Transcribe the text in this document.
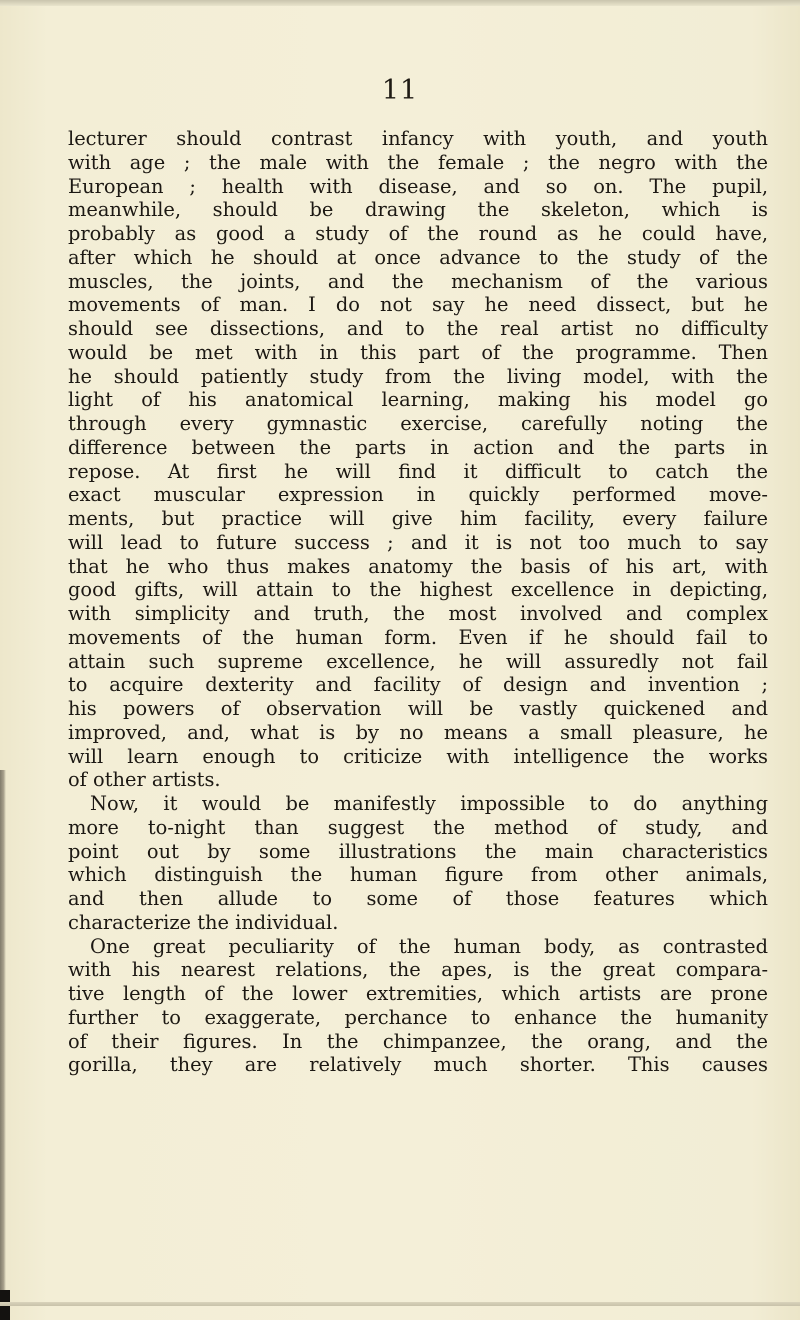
11
lecturer should contrast infancy with youth, and youth
with age ; the male with the female ; the negro with the
European ; health with disease, and so on. The pupil,
meanwhile, should be drawing the skeleton, which is
probably as good a study of the round as he could have,
after which he should at once advance to the study of the
muscles, the joints, and the mechanism of the various
movements of man. I do not say he need dissect, but he
should see dissections, and to the real artist no difficulty
would be met with in this part of the programme. Then
he should patiently study from the living model, with the
light of his anatomical learning, making his model go
through every gymnastic exercise, carefully noting the
difference between the parts in action and the parts in
repose. At first he will find it difficult to catch the
exact muscular expression in quickly performed move-
ments, but practice will give him facility, every failure
will lead to future success ; and it is not too much to say
that he who thus makes anatomy the basis of his art, with
good gifts, will attain to the highest excellence in depicting,
with simplicity and truth, the most involved and complex
movements of the human form. Even if he should fail to
attain such supreme excellence, he will assuredly not fail
to acquire dexterity and facility of design and invention ;
his powers of observation will be vastly quickened and
improved, and, what is by no means a small pleasure, he
will learn enough to criticize with intelligence the works
of other artists.
Now, it would be manifestly impossible to do anything
more to-night than suggest the method of study, and
point out by some illustrations the main characteristics
which distinguish the human figure from other animals,
and then allude to some of those features which
characterize the individual.
One great peculiarity of the human body, as contrasted
with his nearest relations, the apes, is the great compara-
tive length of the lower extremities, which artists are prone
further to exaggerate, perchance to enhance the humanity
of their figures. In the chimpanzee, the orang, and the
gorilla, they are relatively much shorter. This causes
